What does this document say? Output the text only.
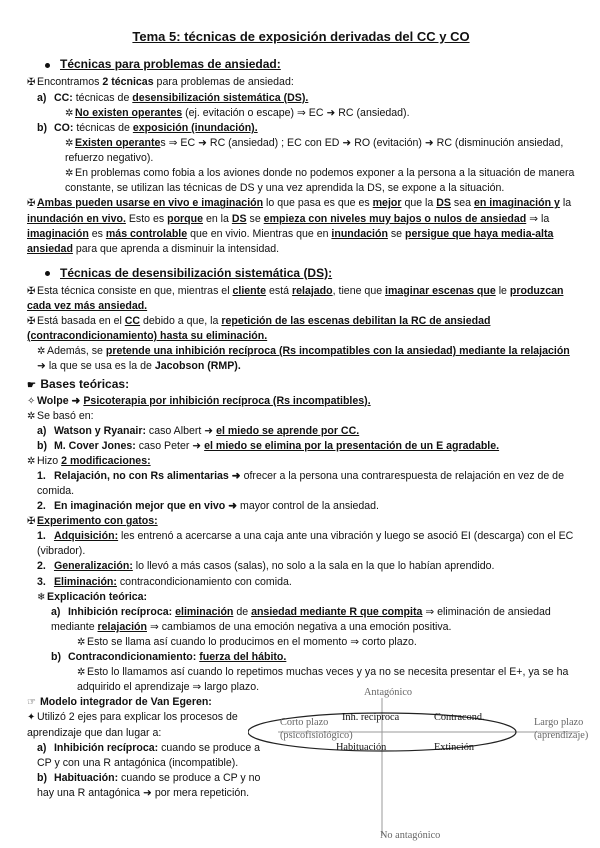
Tema 5: técnicas de exposición derivadas del CC y CO
Técnicas para problemas de ansiedad:

✠ Encontramos 2 técnicas para problemas de ansiedad:

a) CC: técnicas de desensibilización sistemática (DS).

✲ No existen operantes (ej. evitación o escape) ⇒ EC ➜ RC (ansiedad).

b) CO: técnicas de exposición (inundación).

✲ Existen operantes ⇒ EC ➜ RC (ansiedad) ; EC con ED ➜ RO (evitación) ➜ RC (disminución ansiedad, refuerzo negativo).

✲ En problemas como fobia a los aviones donde no podemos exponer a la persona a la situación de manera constante, se utilizan las técnicas de DS y una vez aprendida la DS, se expone a la situación.

✠ Ambas pueden usarse en vivo e imaginación lo que pasa es que es mejor que la DS sea en imaginación y la inundación en vivo. Esto es porque en la DS se empieza con niveles muy bajos o nulos de ansiedad ⇒ la imaginación es más controlable que en vivio. Mientras que en inundación se persigue que haya media-alta ansiedad para que aprenda a disminuir la intensidad.

Técnicas de desensibilización sistemática (DS):

✠ Esta técnica consiste en que, mientras el cliente está relajado, tiene que imaginar escenas que le produzcan cada vez más ansiedad.

✠ Está basada en el CC debido a que, la repetición de las escenas debilitan la RC de ansiedad (contracondicionamiento) hasta su eliminación.

✲ Además, se pretende una inhibición recíproca (Rs incompatibles con la ansiedad) mediante la relajación ➜ la que se usa es la de Jacobson (RMP).

☛ Bases teóricas:

✧ Wolpe ➜ Psicoterapia por inhibición recíproca (Rs incompatibles).

✲ Se basó en:

a) Watson y Ryanair: caso Albert ➜ el miedo se aprende por CC.

b) M. Cover Jones: caso Peter ➜ el miedo se elimina por la presentación de un E agradable.

✲ Hizo 2 modificaciones:

1. Relajación, no con Rs alimentarias ➜ ofrecer a la persona una contrarespuesta de relajación en vez de de comida.

2. En imaginación mejor que en vivo ➜ mayor control de la ansiedad.

✠ Experimento con gatos:

1. Adquisición: les entrenó a acercarse a una caja ante una vibración y luego se asoció EI (descarga) con el EC (vibrador).

2. Generalización: lo llevó a más casos (salas), no solo a la sala en la que lo habían aprendido.

3. Eliminación: contracondicionamiento con comida.

❄ Explicación teórica:

a) Inhibición recíproca: eliminación de ansiedad mediante R que compita ⇒ eliminación de ansiedad mediante relajación ⇒ cambiamos de una emoción negativa a una emoción positiva.

✲ Esto se llama así cuando lo producimos en el momento ⇒ corto plazo.

b) Contracondicionamiento: fuerza del hábito.

✲ Esto lo llamamos así cuando lo repetimos muchas veces y ya no se necesita presentar el E+, ya se ha adquirido el aprendizaje ⇒ largo plazo.

☞ Modelo integrador de Van Egeren:

✦ Utilizó 2 ejes para explicar los procesos de aprendizaje que dan lugar a:

a) Inhibición recíproca: cuando se produce a CP y con una R antagónica (incompatible).

b) Habituación: cuando se produce a CP y no hay una R antagónica ➜ por mera repetición.

Antagónico
No antagónico
Corto plazo
(psicofisiológico)
Largo plazo
(aprendizaje)
Inh. recíproca	Contracond.
Habituación	Extinción
